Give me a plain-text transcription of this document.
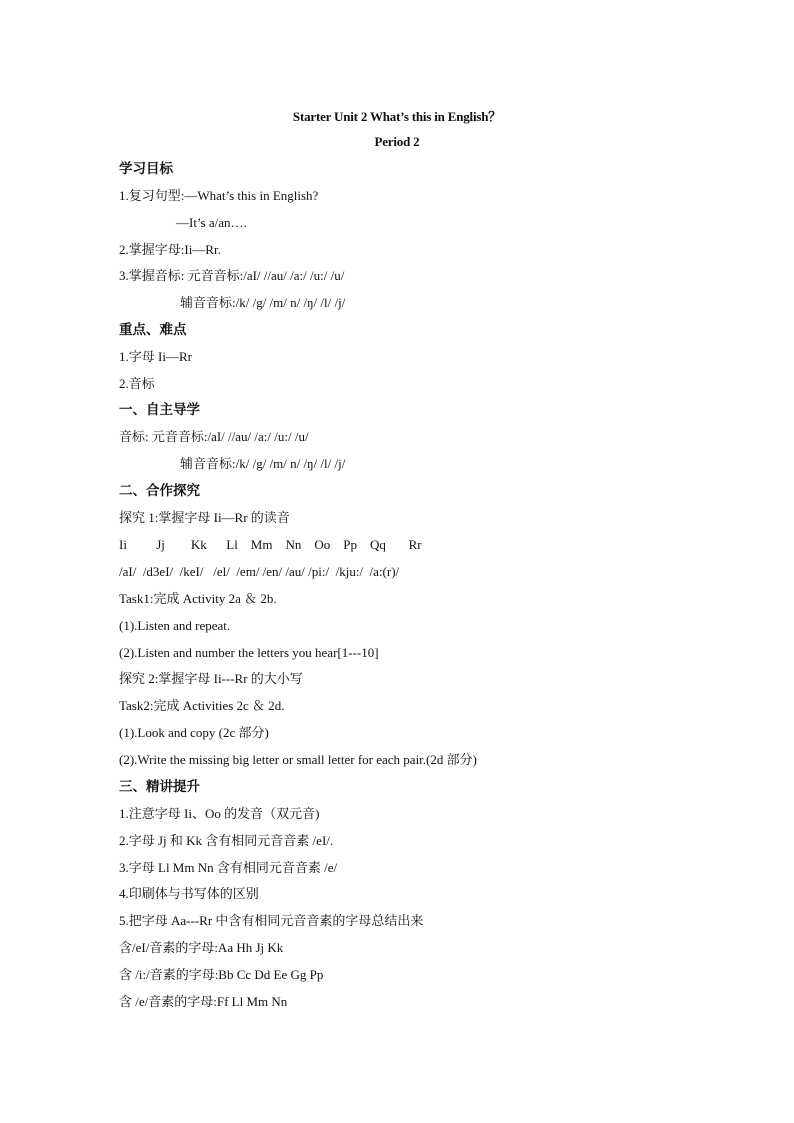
Starter Unit 2 What’s this in English？
Period 2
学习目标
1.复习句型:—What’s this in English?
—It’s a/an….
2.掌握字母:Ii—Rr.
3.掌握音标: 元音音标:/aI/ //au/ /a:/ /u:/ /u/
辅音音标:/k/ /g/ /m/ n/ /ŋ/ /l/ /j/
重点、难点
1.字母 Ii—Rr
2.音标
一、自主导学
音标: 元音音标:/aI/ //au/ /a:/ /u:/ /u/
辅音音标:/k/ /g/ /m/ n/ /ŋ/ /l/ /j/
二、合作探究
探究 1:掌握字母 Ii—Rr 的读音
Ii         Jj        Kk      Ll    Mm    Nn    Oo    Pp    Qq       Rr
/aI/  /d3eI/  /keI/   /el/  /em/ /en/ /au/ /pi:/  /kju:/  /a:(r)/
Task1:完成 Activity 2a ＆ 2b.
(1).Listen and repeat.
(2).Listen and number the letters you hear[1---10]
探究 2:掌握字母 Ii---Rr 的大小写
Task2:完成 Activities 2c ＆ 2d.
(1).Look and copy (2c 部分)
(2).Write the missing big letter or small letter for each pair.(2d 部分)
三、精讲提升
1.注意字母 Ii、Oo 的发音（双元音)
2.字母 Jj 和 Kk 含有相同元音音素 /eI/.
3.字母 Ll Mm Nn 含有相同元音音素 /e/
4.印刷体与书写体的区别
5.把字母 Aa---Rr 中含有相同元音音素的字母总结出来
含/eI/音素的字母:Aa Hh Jj Kk
含 /i:/音素的字母:Bb Cc Dd Ee Gg Pp
含 /e/音素的字母:Ff Ll Mm Nn
